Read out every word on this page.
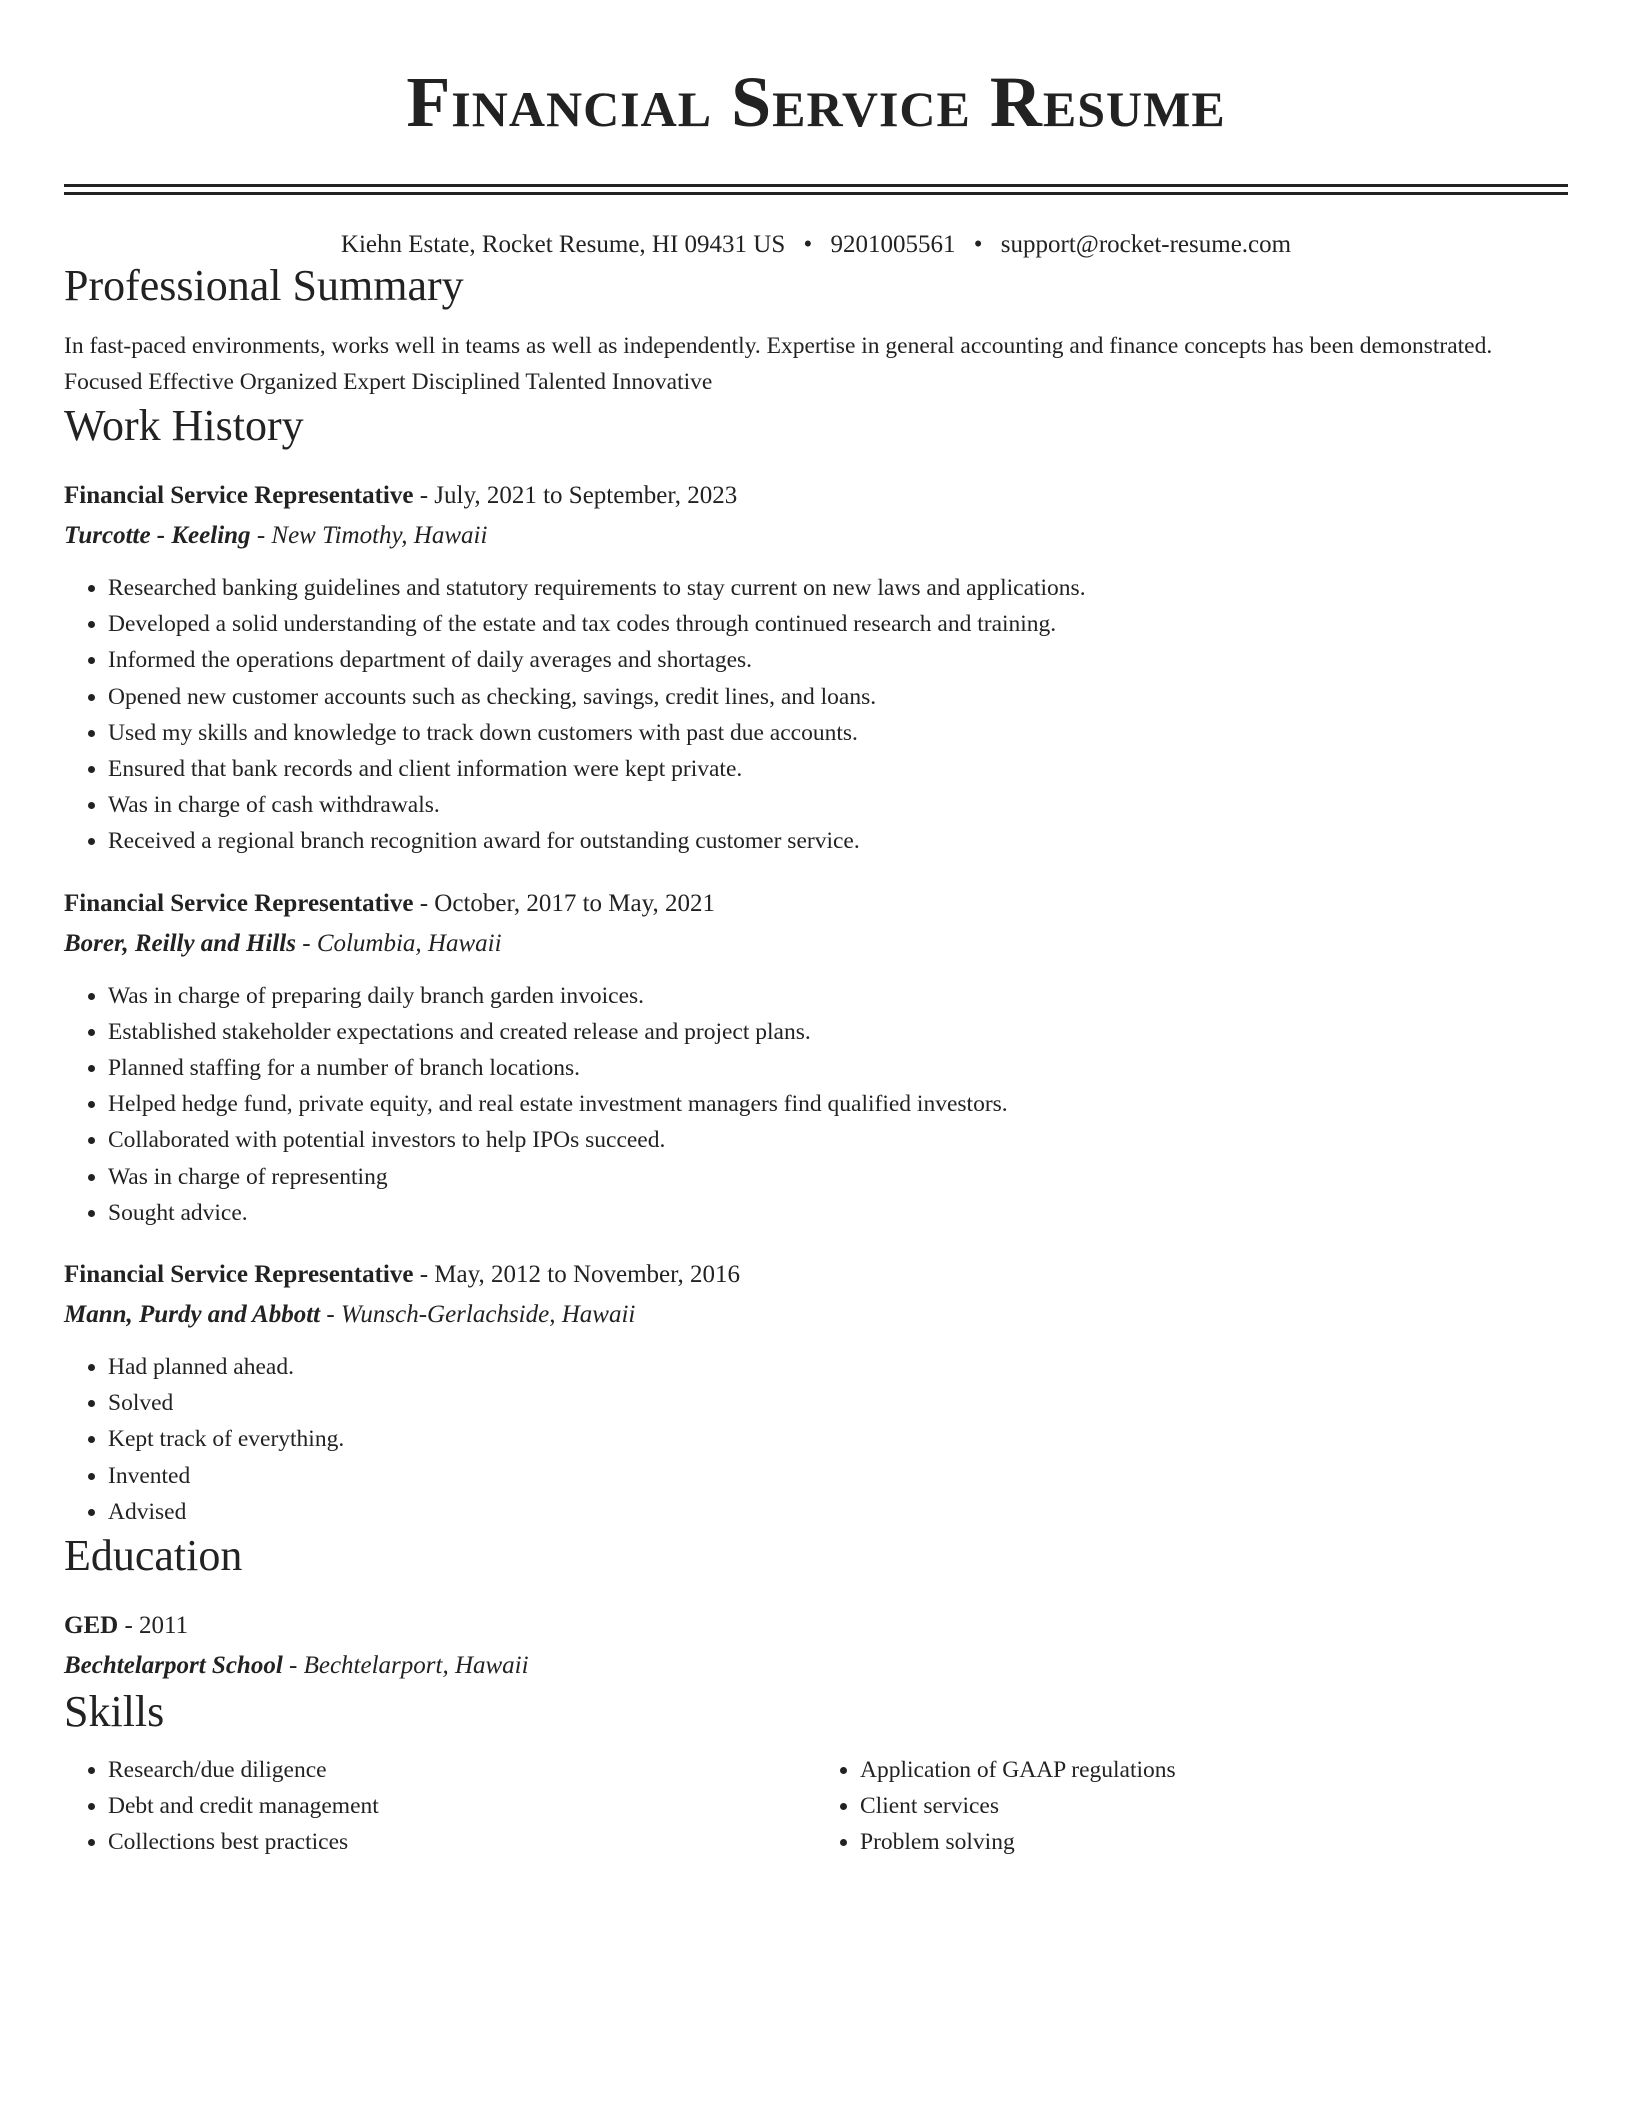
Financial Service Resume
Kiehn Estate, Rocket Resume, HI 09431 US • 9201005561 • support@rocket-resume.com
Professional Summary
In fast-paced environments, works well in teams as well as independently. Expertise in general accounting and finance concepts has been demonstrated. Focused Effective Organized Expert Disciplined Talented Innovative
Work History
Financial Service Representative - July, 2021 to September, 2023
Turcotte - Keeling - New Timothy, Hawaii
• Researched banking guidelines and statutory requirements to stay current on new laws and applications.
• Developed a solid understanding of the estate and tax codes through continued research and training.
• Informed the operations department of daily averages and shortages.
• Opened new customer accounts such as checking, savings, credit lines, and loans.
• Used my skills and knowledge to track down customers with past due accounts.
• Ensured that bank records and client information were kept private.
• Was in charge of cash withdrawals.
• Received a regional branch recognition award for outstanding customer service.
Financial Service Representative - October, 2017 to May, 2021
Borer, Reilly and Hills - Columbia, Hawaii
• Was in charge of preparing daily branch garden invoices.
• Established stakeholder expectations and created release and project plans.
• Planned staffing for a number of branch locations.
• Helped hedge fund, private equity, and real estate investment managers find qualified investors.
• Collaborated with potential investors to help IPOs succeed.
• Was in charge of representing
• Sought advice.
Financial Service Representative - May, 2012 to November, 2016
Mann, Purdy and Abbott - Wunsch-Gerlachside, Hawaii
• Had planned ahead.
• Solved
• Kept track of everything.
• Invented
• Advised
Education
GED - 2011
Bechtelarport School - Bechtelarport, Hawaii
Skills
• Research/due diligence
• Debt and credit management
• Collections best practices
• Application of GAAP regulations
• Client services
• Problem solving
